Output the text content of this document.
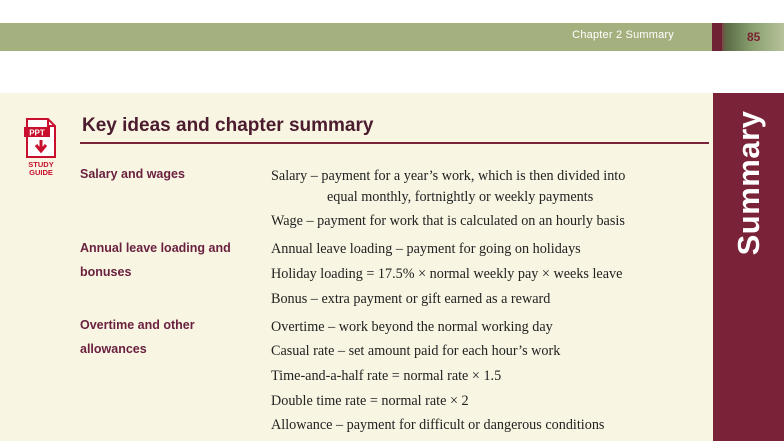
Chapter 2 Summary	85
Summary
PPT
STUDY
GUIDE
Key ideas and chapter summary
Salary and wages
Annual leave loading and
bonuses
Overtime and other
allowances
Salary – payment for a year’s work, which is then divided into
equal monthly, fortnightly or weekly payments
Wage – payment for work that is calculated on an hourly basis
Annual leave loading – payment for going on holidays
Holiday loading = 17.5% × normal weekly pay × weeks leave
Bonus – extra payment or gift earned as a reward
Overtime – work beyond the normal working day
Casual rate – set amount paid for each hour’s work
Time-and-a-half rate = normal rate × 1.5
Double time rate = normal rate × 2
Allowance – payment for difficult or dangerous conditions
